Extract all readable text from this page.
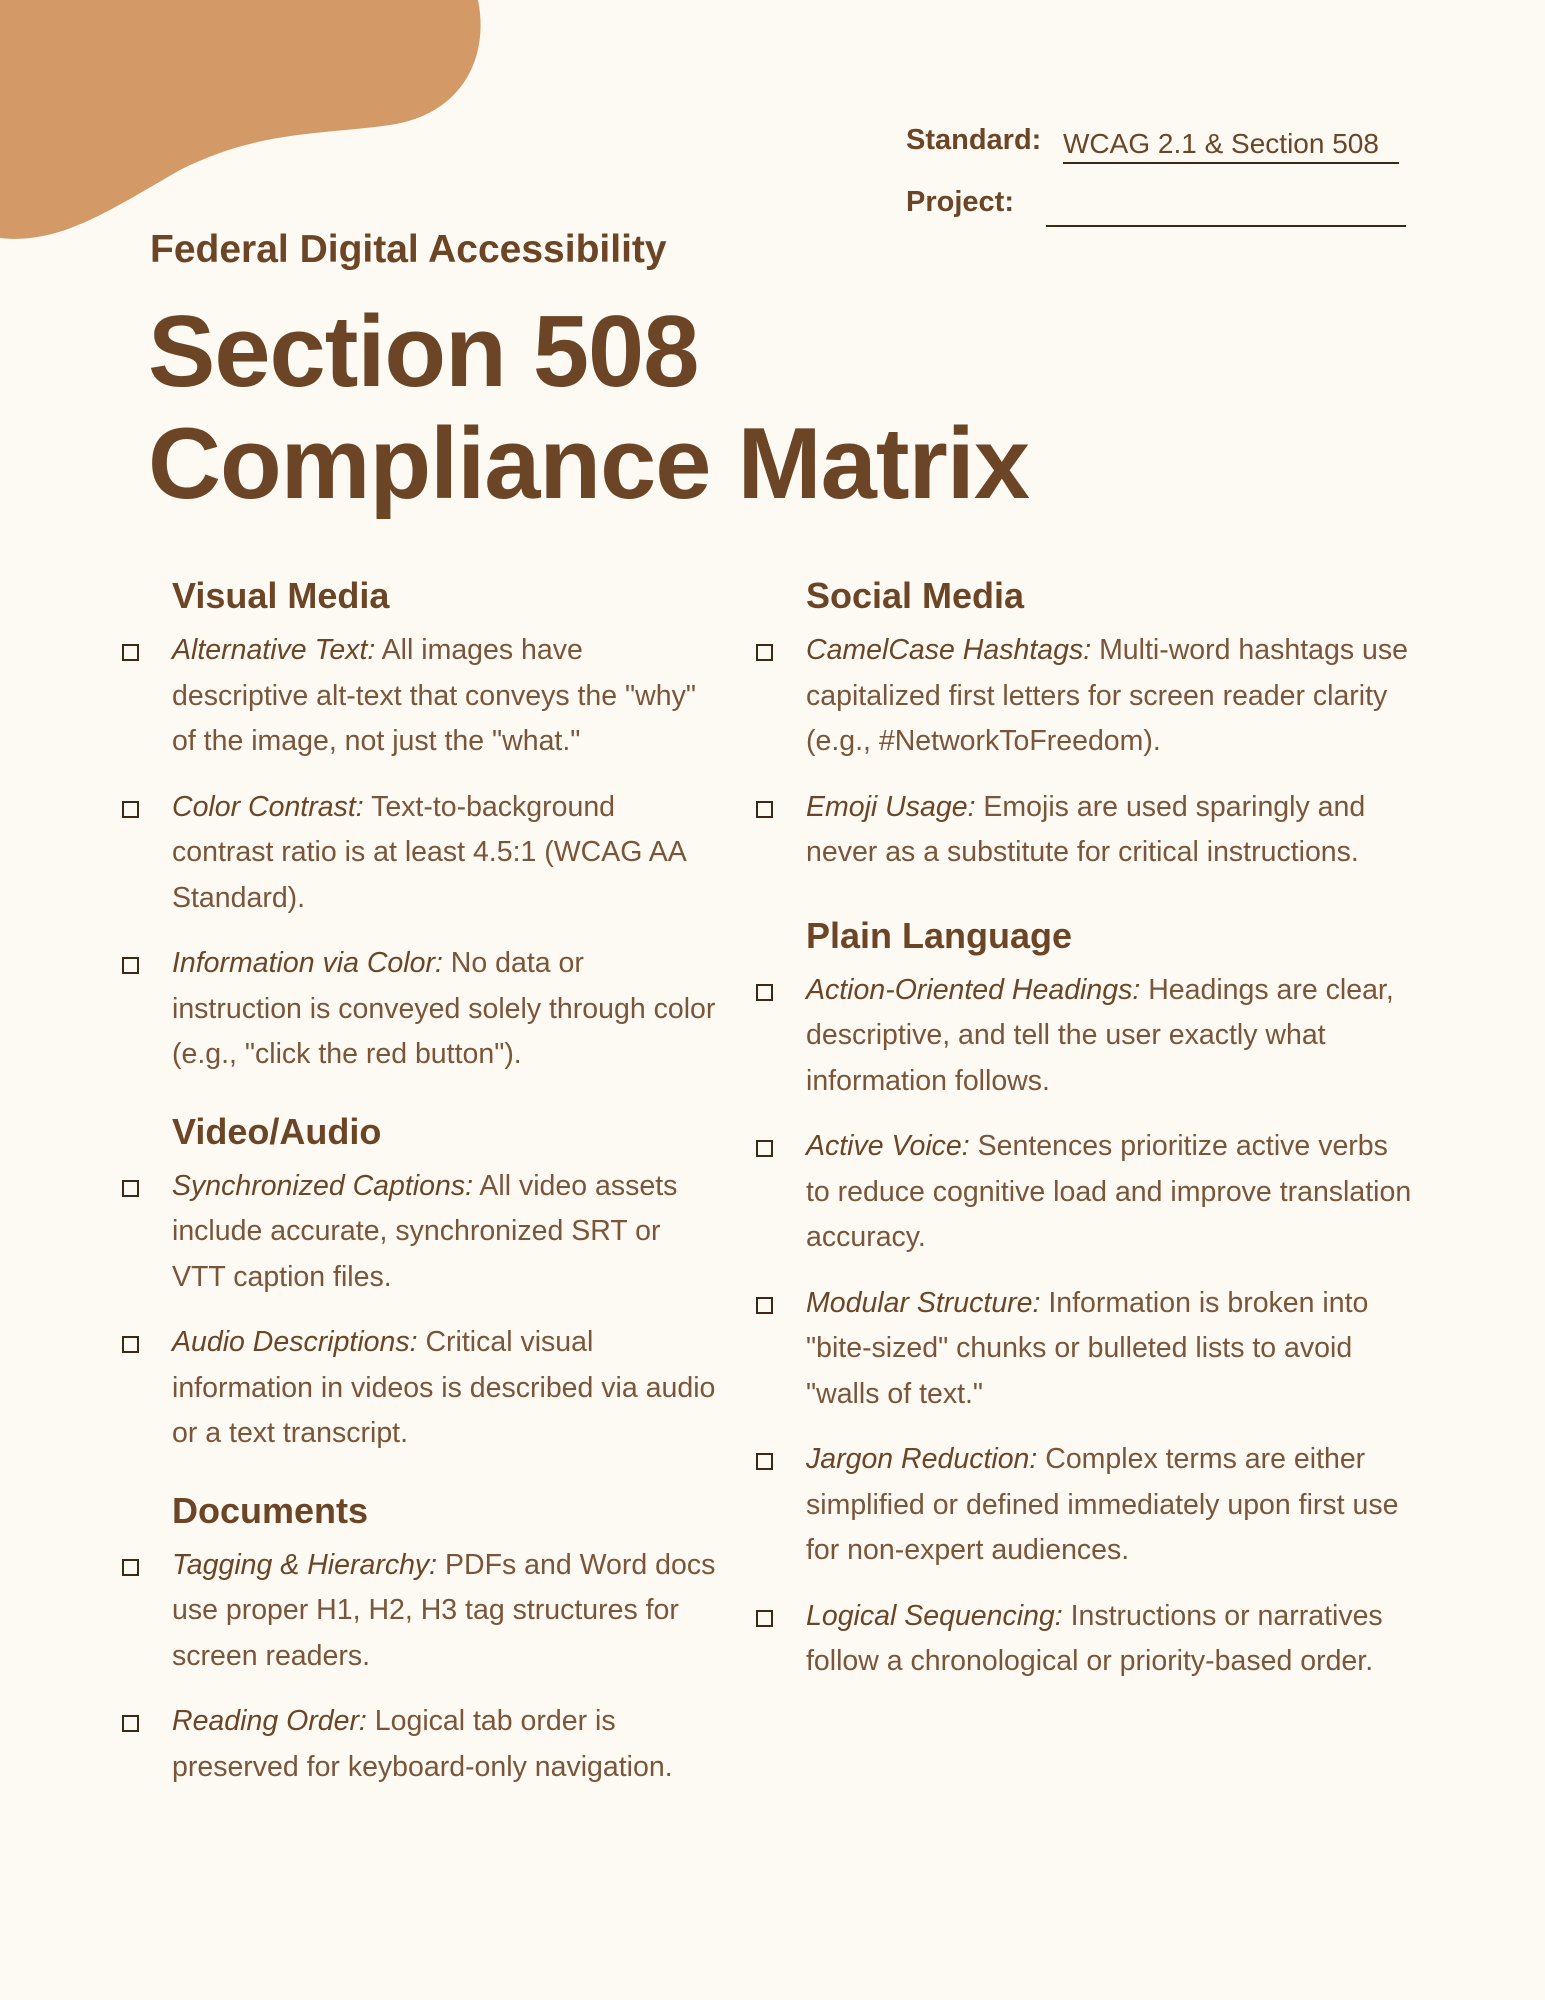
Standard: WCAG 2.1 & Section 508
Project:
Federal Digital Accessibility
Section 508
Compliance Matrix
Visual Media

Alternative Text: All images have descriptive alt-text that conveys the "why" of the image, not just the "what."

Color Contrast: Text-to-background contrast ratio is at least 4.5:1 (WCAG AA Standard).

Information via Color: No data or instruction is conveyed solely through color (e.g., "click the red button").

Video/Audio

Synchronized Captions: All video assets include accurate, synchronized SRT or VTT caption files.

Audio Descriptions: Critical visual information in videos is described via audio or a text transcript.

Documents

Tagging & Hierarchy: PDFs and Word docs use proper H1, H2, H3 tag structures for screen readers.

Reading Order: Logical tab order is preserved for keyboard-only navigation.

Social Media

CamelCase Hashtags: Multi-word hashtags use capitalized first letters for screen reader clarity (e.g., #NetworkToFreedom).

Emoji Usage: Emojis are used sparingly and never as a substitute for critical instructions.

Plain Language

Action-Oriented Headings: Headings are clear, descriptive, and tell the user exactly what information follows.

Active Voice: Sentences prioritize active verbs to reduce cognitive load and improve translation accuracy.

Modular Structure: Information is broken into "bite-sized" chunks or bulleted lists to avoid "walls of text."

Jargon Reduction: Complex terms are either simplified or defined immediately upon first use for non-expert audiences.

Logical Sequencing: Instructions or narratives follow a chronological or priority-based order.
